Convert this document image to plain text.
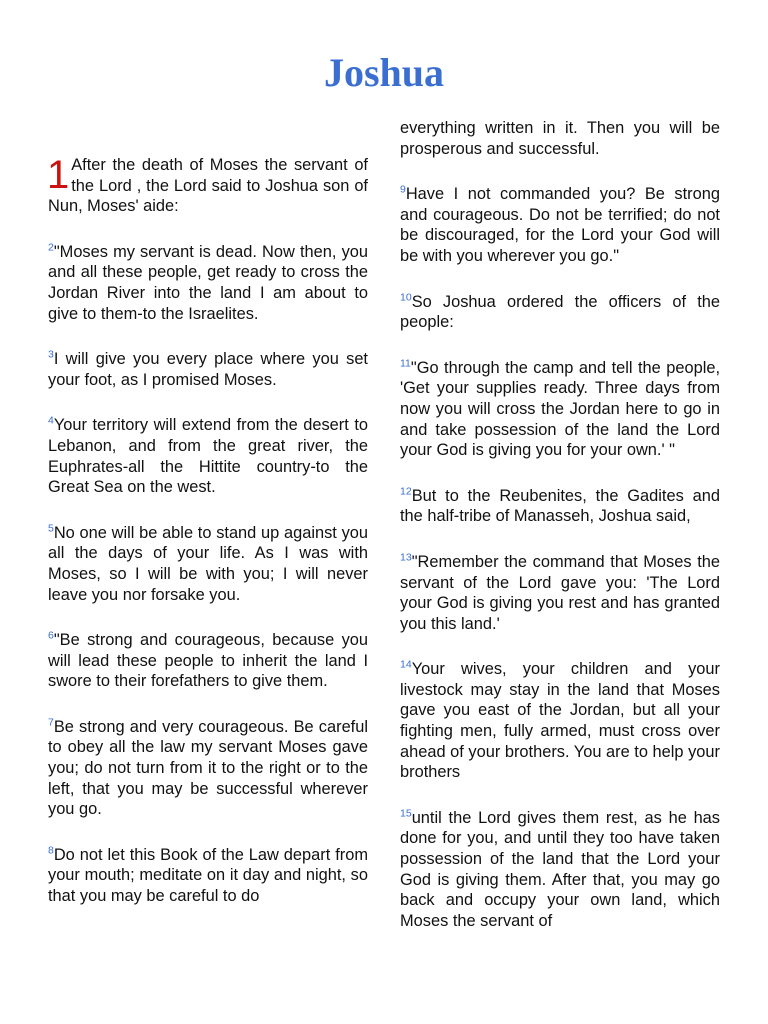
Joshua

1 After the death of Moses the servant of the Lord , the Lord said to Joshua son of Nun, Moses' aide:

$^2$"Moses my servant is dead. Now then, you and all these people, get ready to cross the Jordan River into the land I am about to give to them-to the Israelites.

$^3$I will give you every place where you set your foot, as I promised Moses.

$^4$Your territory will extend from the desert to Lebanon, and from the great river, the Euphrates-all the Hittite country-to the Great Sea on the west.

$^5$No one will be able to stand up against you all the days of your life. As I was with Moses, so I will be with you; I will never leave you nor forsake you.

$^6$"Be strong and courageous, because you will lead these people to inherit the land I swore to their forefathers to give them.

$^7$Be strong and very courageous. Be careful to obey all the law my servant Moses gave you; do not turn from it to the right or to the left, that you may be successful wherever you go.

$^8$Do not let this Book of the Law depart from your mouth; meditate on it day and night, so that you may be careful to do

everything written in it. Then you will be prosperous and successful.

$^9$Have I not commanded you? Be strong and courageous. Do not be terrified; do not be discouraged, for the Lord your God will be with you wherever you go."

$^{10}$So Joshua ordered the officers of the people:

$^{11}$"Go through the camp and tell the people, 'Get your supplies ready. Three days from now you will cross the Jordan here to go in and take possession of the land the Lord your God is giving you for your own.' "

$^{12}$But to the Reubenites, the Gadites and the half-tribe of Manasseh, Joshua said,

$^{13}$"Remember the command that Moses the servant of the Lord gave you: 'The Lord your God is giving you rest and has granted you this land.'

$^{14}$Your wives, your children and your livestock may stay in the land that Moses gave you east of the Jordan, but all your fighting men, fully armed, must cross over ahead of your brothers. You are to help your brothers

$^{15}$until the Lord gives them rest, as he has done for you, and until they too have taken possession of the land that the Lord your God is giving them. After that, you may go back and occupy your own land, which Moses the servant of
